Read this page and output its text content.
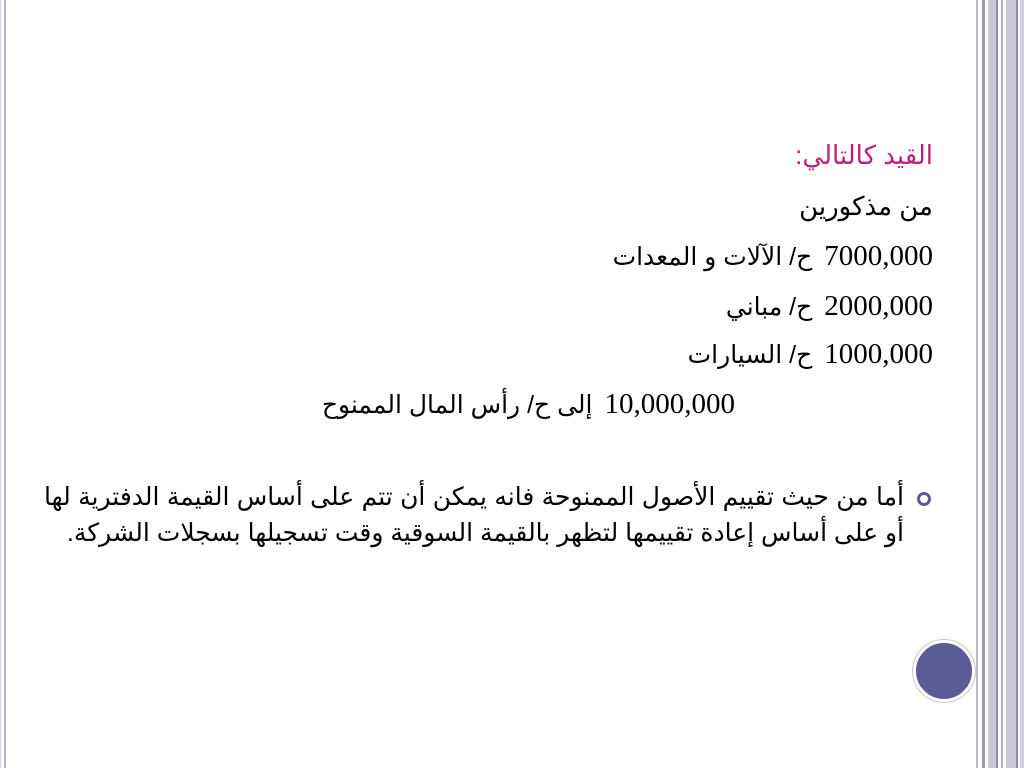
القيد كالتالي:
من مذكورين
7000,000ح/ الآلات و المعدات
2000,000ح/ مباني
1000,000ح/ السيارات
10,000,000إلى ح/ رأس المال الممنوح
أما من حيث تقييم الأصول الممنوحة فانه يمكن أن تتم على أساس القيمة الدفترية لها أو على أساس إعادة تقييمها لتظهر بالقيمة السوقية وقت تسجيلها بسجلات الشركة.
